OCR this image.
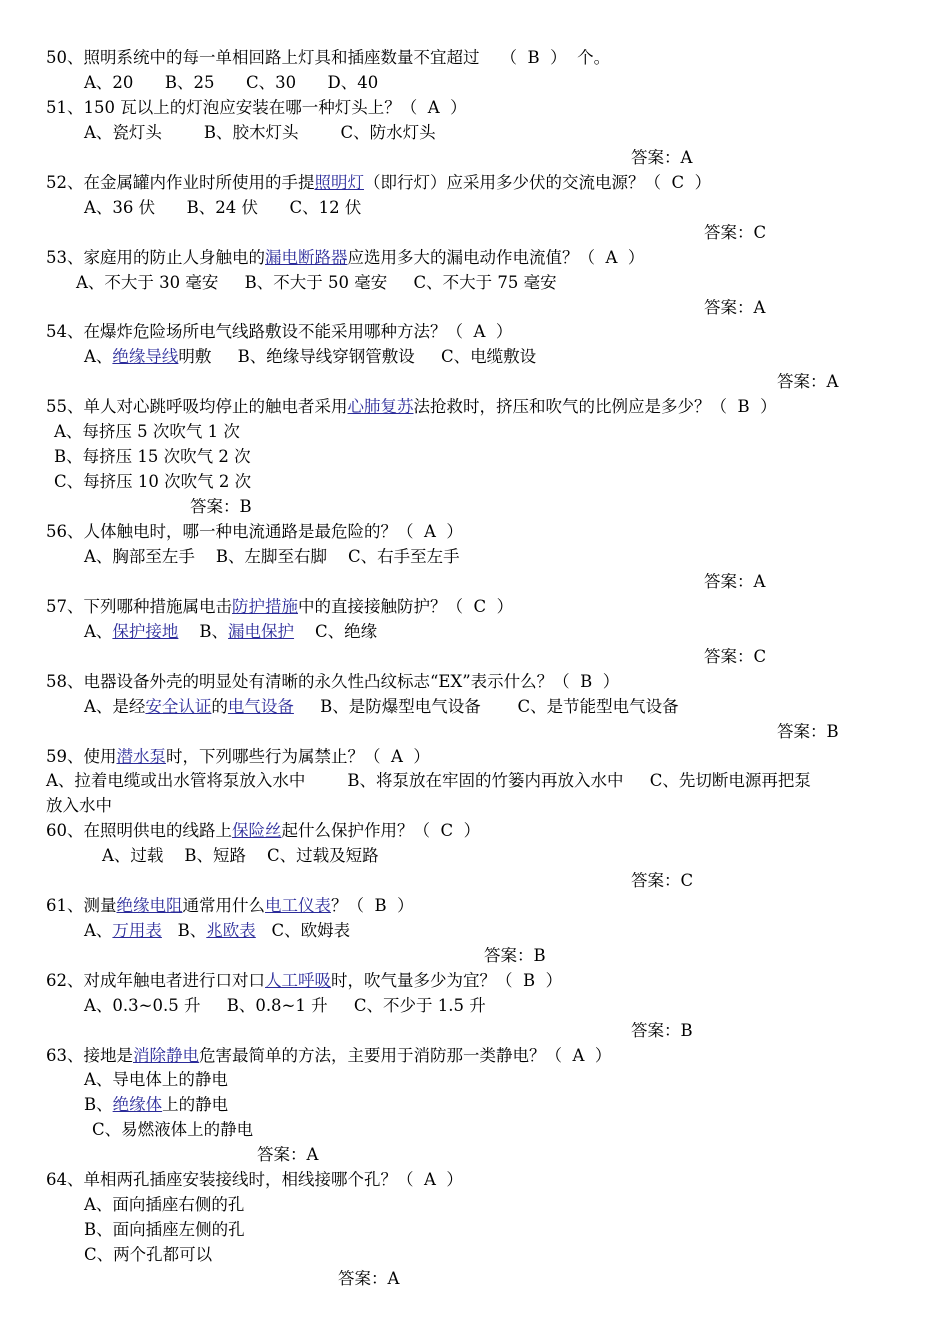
50、照明系统中的每一单相回路上灯具和插座数量不宜超过    （  B  ）  个。
A、20      B、25      C、30      D、40
51、150 瓦以上的灯泡应安装在哪一种灯头上？（  A  ）
A、瓷灯头        B、胶木灯头        C、防水灯头
答案：A
52、在金属罐内作业时所使用的手提照明灯（即行灯）应采用多少伏的交流电源？（  C  ）
A、36 伏      B、24 伏      C、12 伏
答案：C
53、家庭用的防止人身触电的漏电断路器应选用多大的漏电动作电流值？（  A  ）
A、不大于 30 毫安     B、不大于 50 毫安     C、不大于 75 毫安
答案：A
54、在爆炸危险场所电气线路敷设不能采用哪种方法？（  A  ）
A、绝缘导线明敷     B、绝缘导线穿钢管敷设     C、电缆敷设
答案：A
55、单人对心跳呼吸均停止的触电者采用心肺复苏法抢救时，挤压和吹气的比例应是多少？（  B  ）
A、每挤压 5 次吹气 1 次
B、每挤压 15 次吹气 2 次
C、每挤压 10 次吹气 2 次
答案：B
56、人体触电时，哪一种电流通路是最危险的？（  A  ）
A、胸部至左手    B、左脚至右脚    C、右手至左手
答案：A
57、下列哪种措施属电击防护措施中的直接接触防护？（  C  ）
A、保护接地    B、漏电保护    C、绝缘
答案：C
58、电器设备外壳的明显处有清晰的永久性凸纹标志“EX”表示什么？（  B  ）
A、是经安全认证的电气设备     B、是防爆型电气设备       C、是节能型电气设备
答案：B
59、使用潜水泵时，下列哪些行为属禁止？（  A  ）
A、拉着电缆或出水管将泵放入水中        B、将泵放在牢固的竹篓内再放入水中     C、先切断电源再把泵
放入水中
60、在照明供电的线路上保险丝起什么保护作用？（  C  ）
A、过载    B、短路    C、过载及短路
答案：C
61、测量绝缘电阻通常用什么电工仪表？（  B  ）
A、万用表   B、兆欧表   C、欧姆表
答案：B
62、对成年触电者进行口对口人工呼吸时，吹气量多少为宜？（  B  ）
A、0.3~0.5 升     B、0.8~1 升     C、不少于 1.5 升
答案：B
63、接地是消除静电危害最简单的方法，主要用于消防那一类静电？（  A  ）
A、导电体上的静电
B、绝缘体上的静电
C、易燃液体上的静电
答案：A
64、单相两孔插座安装接线时，相线接哪个孔？（  A  ）
A、面向插座右侧的孔
B、面向插座左侧的孔
C、两个孔都可以
答案：A
